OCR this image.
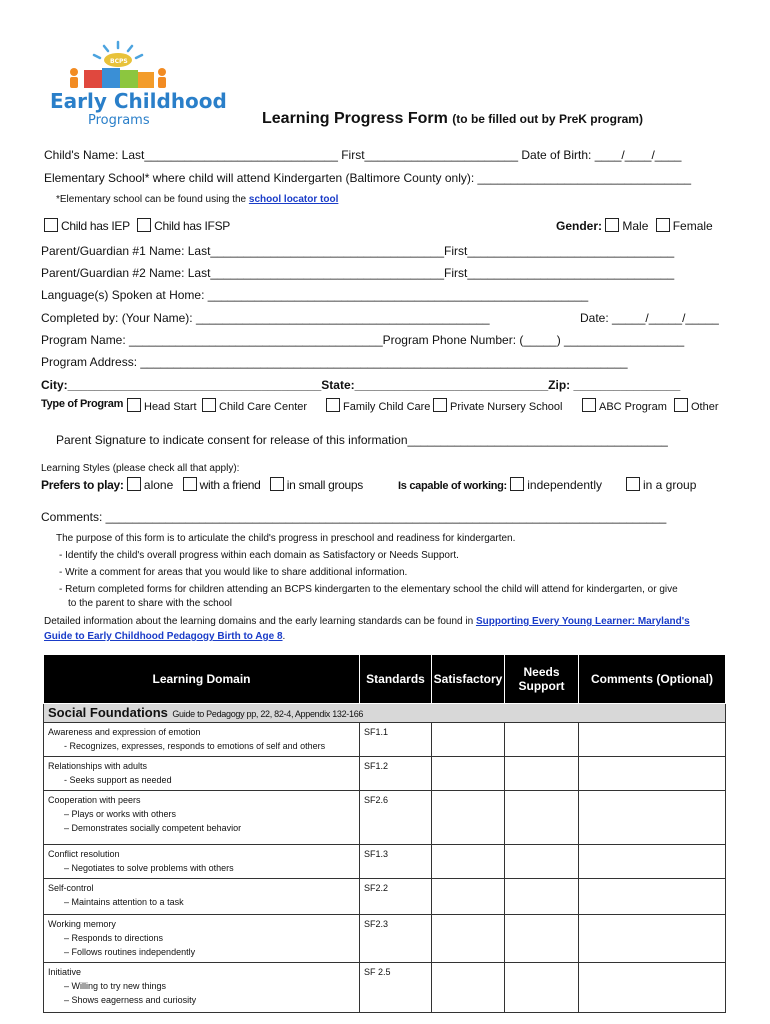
Early Childhood
Programs
BCPS
Learning Progress Form (to be filled out by PreK program)
Child's Name: Last_____________________________ First_______________________ Date of Birth: ____/____/____
Elementary School* where child will attend Kindergarten (Baltimore County only): ________________________________
*Elementary school can be found using the school locator tool
Child has IEP Child has IFSP	Gender: Male Female
Parent/Guardian #1 Name: Last___________________________________First_______________________________
Parent/Guardian #2 Name: Last___________________________________First_______________________________
Language(s) Spoken at Home: _________________________________________________________
Completed by: (Your Name): ____________________________________________	Date: _____/_____/_____
Program Name: ______________________________________Program Phone Number: (_____) __________________
Program Address: _________________________________________________________________________
City:______________________________________State:_____________________________Zip: ________________
Type of Program	Head Start	Child Care Center	Family Child Care	Private Nursery School	ABC Program	Other
Parent Signature to indicate consent for release of this information_______________________________________
Learning Styles (please check all that apply):
Prefers to play: alone with a friend in small groups	Is capable of working: independently	in a group
Comments: ____________________________________________________________________________________
The purpose of this form is to articulate the child's progress in preschool and readiness for kindergarten.
- Identify the child's overall progress within each domain as Satisfactory or Needs Support.
- Write a comment for areas that you would like to share additional information.
- Return completed forms for children attending an BCPS kindergarten to the elementary school the child will attend for kindergarten, or give
to the parent to share with the school
Detailed information about the learning domains and the early learning standards can be found in Supporting Every Young Learner: Maryland's
Guide to Early Childhood Pedagogy Birth to Age 8.
Learning Domain	Standards	Satisfactory	Needs
Support	Comments (Optional)
Social Foundations Guide to Pedagogy pp, 22, 82-4, Appendix 132-166				
Awareness and expression of emotion
- Recognizes, expresses, responds to emotions of self and others	SF1.1			
Relationships with adults
- Seeks support as needed	SF1.2			
Cooperation with peers
– Plays or works with others
– Demonstrates socially competent behavior	SF2.6			
Conflict resolution
– Negotiates to solve problems with others	SF1.3			
Self-control
– Maintains attention to a task	SF2.2			
Working memory
– Responds to directions
– Follows routines independently	SF2.3			
Initiative
– Willing to try new things
– Shows eagerness and curiosity	SF 2.5			
